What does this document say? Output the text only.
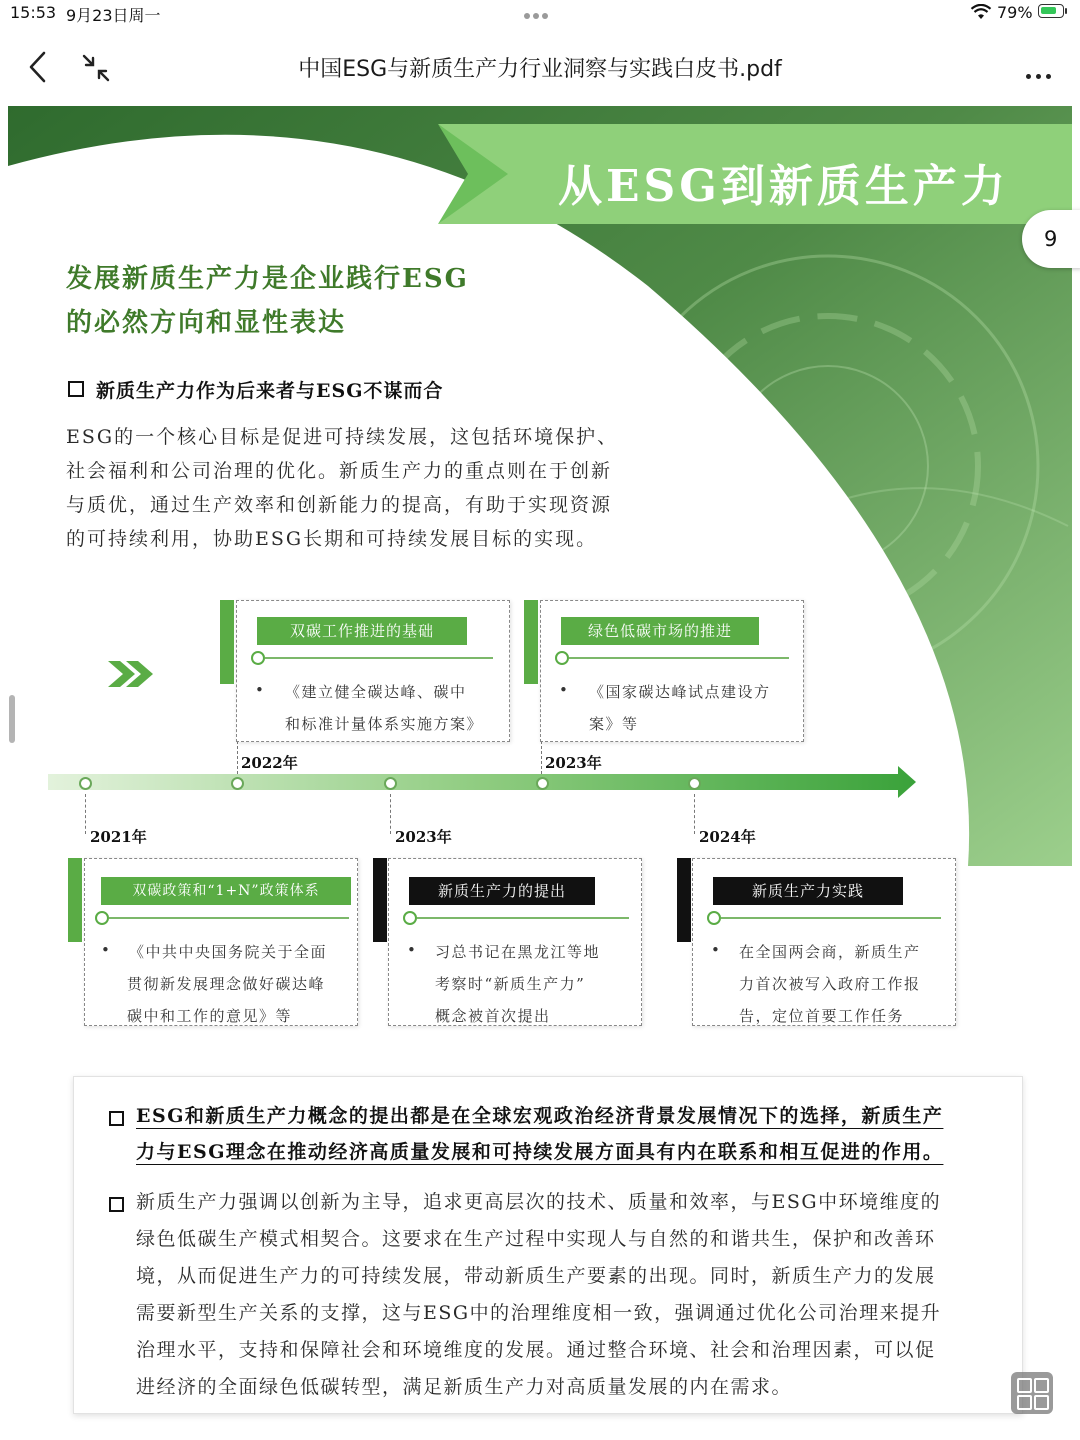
15:53 9月23日周一	79%
中国ESG与新质生产力行业洞察与实践白皮书.pdf
从ESG到新质生产力
发展新质生产力是企业践行ESG
的必然方向和显性表达
新质生产力作为后来者与ESG不谋而合
ESG的一个核心目标是促进可持续发展，这包括环境保护、
社会福利和公司治理的优化。新质生产力的重点则在于创新
与质优，通过生产效率和创新能力的提高，有助于实现资源
的可持续利用，协助ESG长期和可持续发展目标的实现。
2022年	2023年
2021年	2023年	2024年
双碳工作推进的基础
• 《建立健全碳达峰、碳中
和标准计量体系实施方案》
绿色低碳市场的推进
• 《国家碳达峰试点建设方
案》等
双碳政策和“1+N”政策体系
• 《中共中央国务院关于全面
贯彻新发展理念做好碳达峰
碳中和工作的意见》等
新质生产力的提出
• 习总书记在黑龙江等地
考察时“新质生产力”
概念被首次提出
新质生产力实践
• 在全国两会商，新质生产
力首次被写入政府工作报
告，定位首要工作任务
ESG和新质生产力概念的提出都是在全球宏观政治经济背景发展情况下的选择，新质生产
力与ESG理念在推动经济高质量发展和可持续发展方面具有内在联系和相互促进的作用。
新质生产力强调以创新为主导，追求更高层次的技术、质量和效率，与ESG中环境维度的
绿色低碳生产模式相契合。这要求在生产过程中实现人与自然的和谐共生，保护和改善环
境，从而促进生产力的可持续发展，带动新质生产要素的出现。同时，新质生产力的发展
需要新型生产关系的支撑，这与ESG中的治理维度相一致，强调通过优化公司治理来提升
治理水平，支持和保障社会和环境维度的发展。通过整合环境、社会和治理因素，可以促
进经济的全面绿色低碳转型，满足新质生产力对高质量发展的内在需求。
9
